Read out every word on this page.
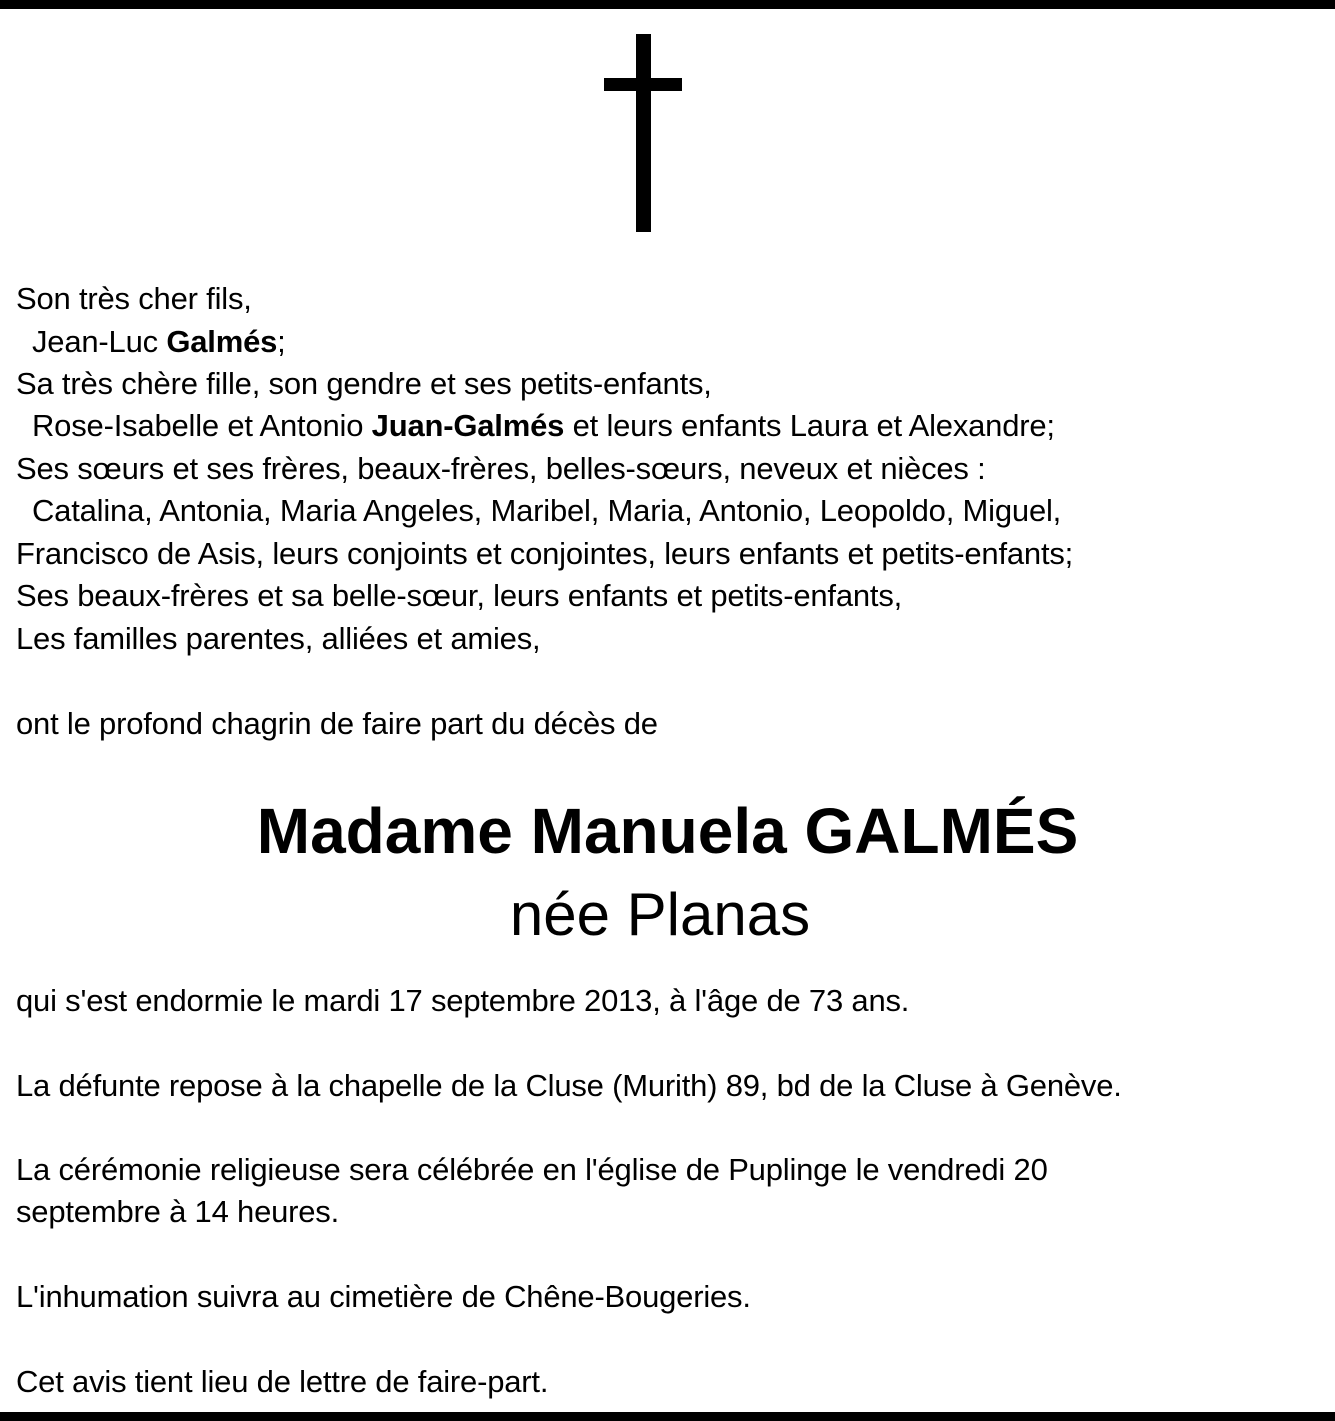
Son très cher fils,
Jean-Luc Galmés;
Sa très chère fille, son gendre et ses petits-enfants,
Rose-Isabelle et Antonio Juan-Galmés et leurs enfants Laura et Alexandre;
Ses sœurs et ses frères, beaux-frères, belles-sœurs, neveux et nièces :
Catalina, Antonia, Maria Angeles, Maribel, Maria, Antonio, Leopoldo, Miguel,
Francisco de Asis, leurs conjoints et conjointes, leurs enfants et petits-enfants;
Ses beaux-frères et sa belle-sœur, leurs enfants et petits-enfants,
Les familles parentes, alliées et amies,
ont le profond chagrin de faire part du décès de
Madame Manuela GALMÉS
née Planas
qui s'est endormie le mardi 17 septembre 2013, à l'âge de 73 ans.
La défunte repose à la chapelle de la Cluse (Murith) 89, bd de la Cluse à Genève.
La cérémonie religieuse sera célébrée en l'église de Puplinge le vendredi 20
septembre à 14 heures.
L'inhumation suivra au cimetière de Chêne-Bougeries.
Cet avis tient lieu de lettre de faire-part.
